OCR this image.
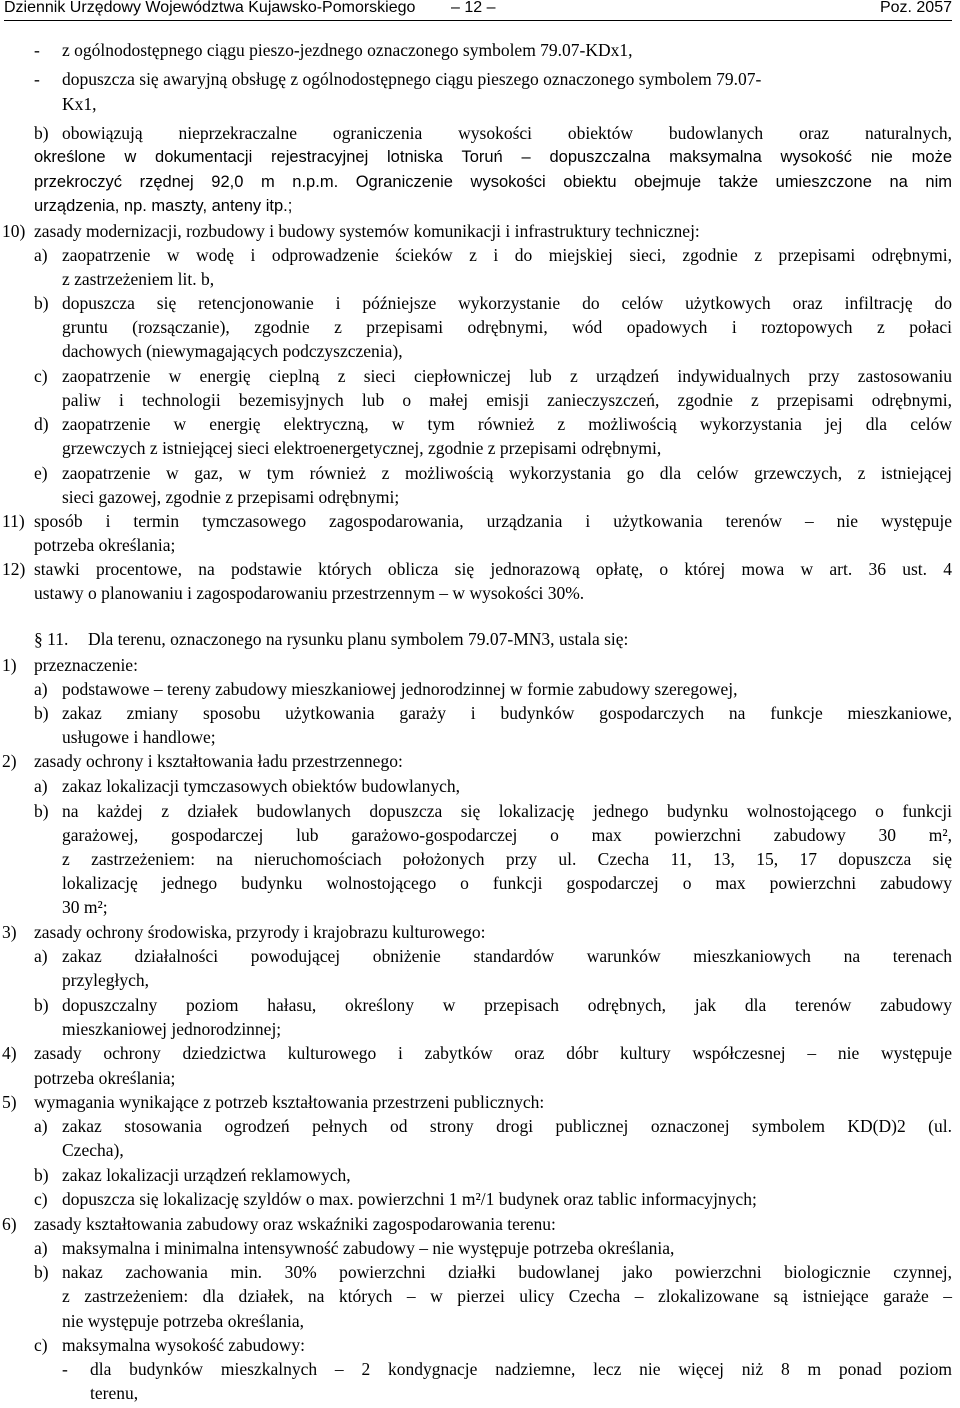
Dziennik Urzędowy Województwa Kujawsko-Pomorskiego – 12 –	Poz. 2057
- z ogólnodostępnego ciągu pieszo-jezdnego oznaczonego symbolem 79.07-KDx1,

- dopuszcza się awaryjną obsługę z ogólnodostępnego ciągu pieszego oznaczonego symbolem 79.07-

Kx1,

b) obowiązują nieprzekraczalne ograniczenia wysokości obiektów budowlanych oraz naturalnych,

określone w dokumentacji rejestracyjnej lotniska Toruń – dopuszczalna maksymalna wysokość nie może

przekroczyć rzędnej 92,0 m n.p.m. Ograniczenie wysokości obiektu obejmuje także umieszczone na nim

urządzenia, np. maszty, anteny itp.;

10) zasady modernizacji, rozbudowy i budowy systemów komunikacji i infrastruktury technicznej:

a) zaopatrzenie w wodę i odprowadzenie ścieków z i do miejskiej sieci, zgodnie z przepisami odrębnymi,

z zastrzeżeniem lit. b,

b) dopuszcza się retencjonowanie i późniejsze wykorzystanie do celów użytkowych oraz infiltrację do

gruntu (rozsączanie), zgodnie z przepisami odrębnymi, wód opadowych i roztopowych z połaci

dachowych (niewymagających podczyszczenia),

c) zaopatrzenie w energię cieplną z sieci ciepłowniczej lub z urządzeń indywidualnych przy zastosowaniu

paliw i technologii bezemisyjnych lub o małej emisji zanieczyszczeń, zgodnie z przepisami odrębnymi,

d) zaopatrzenie w energię elektryczną, w tym również z możliwością wykorzystania jej dla celów

grzewczych z istniejącej sieci elektroenergetycznej, zgodnie z przepisami odrębnymi,

e) zaopatrzenie w gaz, w tym również z możliwością wykorzystania go dla celów grzewczych, z istniejącej

sieci gazowej, zgodnie z przepisami odrębnymi;

11) sposób i termin tymczasowego zagospodarowania, urządzania i użytkowania terenów – nie występuje

potrzeba określania;

12) stawki procentowe, na podstawie których oblicza się jednorazową opłatę, o której mowa w art. 36 ust. 4

ustawy o planowaniu i zagospodarowaniu przestrzennym – w wysokości 30%.

§ 11. Dla terenu, oznaczonego na rysunku planu symbolem 79.07-MN3, ustala się:

1) przeznaczenie:

a) podstawowe – tereny zabudowy mieszkaniowej jednorodzinnej w formie zabudowy szeregowej,

b) zakaz zmiany sposobu użytkowania garaży i budynków gospodarczych na funkcje mieszkaniowe,

usługowe i handlowe;

2) zasady ochrony i kształtowania ładu przestrzennego:

a) zakaz lokalizacji tymczasowych obiektów budowlanych,

b) na każdej z działek budowlanych dopuszcza się lokalizację jednego budynku wolnostojącego o funkcji

garażowej, gospodarczej lub garażowo-gospodarczej o max powierzchni zabudowy 30 m²,

z zastrzeżeniem: na nieruchomościach położonych przy ul. Czecha 11, 13, 15, 17 dopuszcza się

lokalizację jednego budynku wolnostojącego o funkcji gospodarczej o max powierzchni zabudowy

30 m²;

3) zasady ochrony środowiska, przyrody i krajobrazu kulturowego:

a) zakaz działalności powodującej obniżenie standardów warunków mieszkaniowych na terenach

przyległych,

b) dopuszczalny poziom hałasu, określony w przepisach odrębnych, jak dla terenów zabudowy

mieszkaniowej jednorodzinnej;

4) zasady ochrony dziedzictwa kulturowego i zabytków oraz dóbr kultury współczesnej – nie występuje

potrzeba określania;

5) wymagania wynikające z potrzeb kształtowania przestrzeni publicznych:

a) zakaz stosowania ogrodzeń pełnych od strony drogi publicznej oznaczonej symbolem KD(D)2 (ul.

Czecha),

b) zakaz lokalizacji urządzeń reklamowych,

c) dopuszcza się lokalizację szyldów o max. powierzchni 1 m²/1 budynek oraz tablic informacyjnych;

6) zasady kształtowania zabudowy oraz wskaźniki zagospodarowania terenu:

a) maksymalna i minimalna intensywność zabudowy – nie występuje potrzeba określania,

b) nakaz zachowania min. 30% powierzchni działki budowlanej jako powierzchni biologicznie czynnej,

z zastrzeżeniem: dla działek, na których – w pierzei ulicy Czecha – zlokalizowane są istniejące garaże –

nie występuje potrzeba określania,

c) maksymalna wysokość zabudowy:

- dla budynków mieszkalnych – 2 kondygnacje nadziemne, lecz nie więcej niż 8 m ponad poziom

terenu,
